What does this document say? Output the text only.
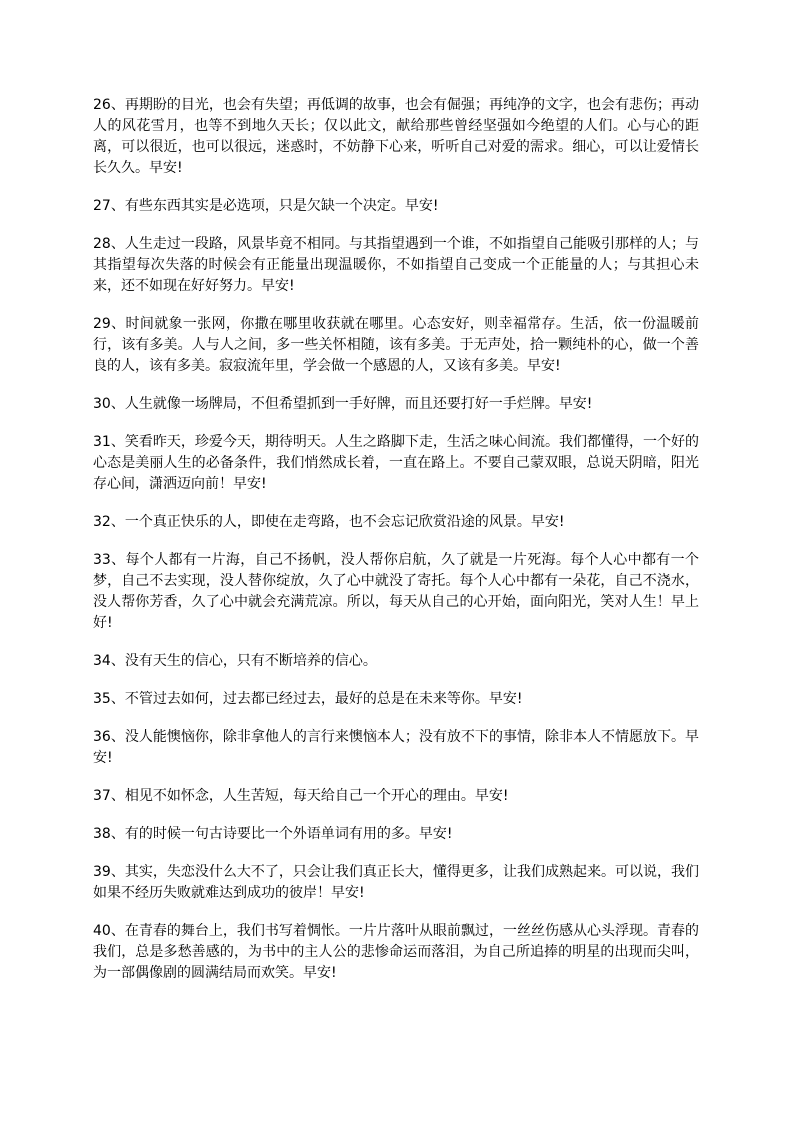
26、再期盼的目光，也会有失望；再低调的故事，也会有倔强；再纯净的文字，也会有悲伤；再动人的风花雪月，也等不到地久天长；仅以此文，献给那些曾经坚强如今绝望的人们。心与心的距离，可以很近，也可以很远，迷惑时，不妨静下心来，听听自己对爱的需求。细心，可以让爱情长长久久。早安!

27、有些东西其实是必选项，只是欠缺一个决定。早安!

28、人生走过一段路，风景毕竟不相同。与其指望遇到一个谁，不如指望自己能吸引那样的人；与其指望每次失落的时候会有正能量出现温暖你，不如指望自己变成一个正能量的人；与其担心未来，还不如现在好好努力。早安!

29、时间就象一张网，你撒在哪里收获就在哪里。心态安好，则幸福常存。生活，依一份温暖前行，该有多美。人与人之间，多一些关怀相随，该有多美。于无声处，拾一颗纯朴的心，做一个善良的人，该有多美。寂寂流年里，学会做一个感恩的人，又该有多美。早安!

30、人生就像一场牌局，不但希望抓到一手好牌，而且还要打好一手烂牌。早安!

31、笑看昨天，珍爱今天，期待明天。人生之路脚下走，生活之味心间流。我们都懂得，一个好的心态是美丽人生的必备条件，我们悄然成长着，一直在路上。不要自己蒙双眼，总说天阴暗，阳光存心间，潇洒迈向前！早安!

32、一个真正快乐的人，即使在走弯路，也不会忘记欣赏沿途的风景。早安!

33、每个人都有一片海，自己不扬帆，没人帮你启航，久了就是一片死海。每个人心中都有一个梦，自己不去实现，没人替你绽放，久了心中就没了寄托。每个人心中都有一朵花，自己不浇水，没人帮你芳香，久了心中就会充满荒凉。所以，每天从自己的心开始，面向阳光，笑对人生！早上好!

34、没有天生的信心，只有不断培养的信心。

35、不管过去如何，过去都已经过去，最好的总是在未来等你。早安!

36、没人能懊恼你，除非拿他人的言行来懊恼本人；没有放不下的事情，除非本人不情愿放下。早安!

37、相见不如怀念，人生苦短，每天给自己一个开心的理由。早安!

38、有的时候一句古诗要比一个外语单词有用的多。早安!

39、其实，失恋没什么大不了，只会让我们真正长大，懂得更多，让我们成熟起来。可以说，我们如果不经历失败就难达到成功的彼岸！早安!

40、在青春的舞台上，我们书写着惆怅。一片片落叶从眼前飘过，一丝丝伤感从心头浮现。青春的我们，总是多愁善感的，为书中的主人公的悲惨命运而落泪，为自己所追捧的明星的出现而尖叫，为一部偶像剧的圆满结局而欢笑。早安!
